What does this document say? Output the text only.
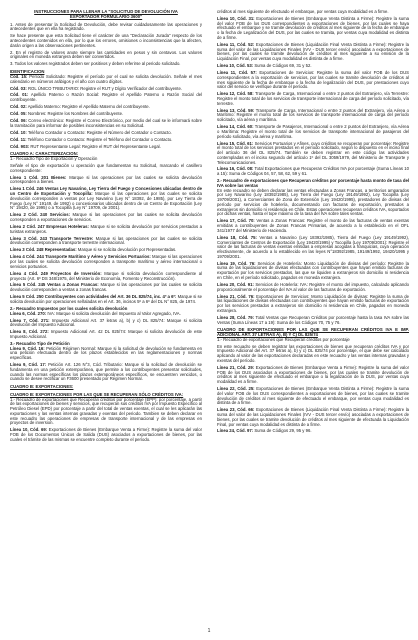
INSTRUCCIONES PARA LLENAR LA "SOLICITUD DE DEVOLUCIÓN IVA
EXPORTADOR FORMULARIO 3600"

1. Antes de presentar la Solicitud de Devolución, debe revisar cuidadosamente las operaciones y antecedentes que en ella ha registrado.

Se hace presente que esta Solicitud tiene el carácter de una "Declaración Jurada" respecto de los antecedentes contenidos en ella, por lo que los errores, omisiones o inconsistencias que la afecten, darán origen a las observaciones pertinentes.

2. En el registro de valores anote siempre las cantidades en pesos y sin centavos. Los valores originales en moneda extranjera deben ser convertidos.

3. Todos los valores registrados deben ser positivos y deben referirse al periodo solicitado.

IDENTIFICACION

Cód. 15: Período Solicitado: Registre el período por el cual se solicita devolución. Señale el mes calendario en números arábigos y el año con cuatro dígitos.

Cód. 03: ROL ÚNICO TRIBUTARIO: Registre el RUT y Dígito Verificador del contribuyente.

Cód. 01: Apellido Paterno o Razón Social: Registre el Apellido Paterno o Razón Social del contribuyente.

Cód. 02: Apellido Materno: Registre el Apellido Materno del contribuyente.

Cód. 05: Nombres: Registre los Nombres del contribuyente.

Cód. 06: Correo electrónico: Registre el Correo Electrónico, por medio del cual se le informará sobre la tramitación para informar de posibles inconsistencias en su Solicitud.

Cód. 10: Teléfono Contador o Contacto: Registre el Número del Contador o Contacto.

Cód. 11: Teléfono Contador o Contacto: Registre el Teléfono del Contador o Contacto.

Cód. 903: RUT Representante Legal: Registre el RUT del Representante Legal.

CUADRO A: CARACTERIZACION:

1.- Recuadro Tipo de Exportación y Operación

Señale el tipo de exportación u operación que fundamentan su Solicitud, marcando el casillero correspondiente:

Línea 1 Cód. 201 Bienes: Marque si las operaciones por las cuales se solicita devolución corresponden a bienes.

Línea 1 Cód. 246 Ventas Ley Navarino, Ley Tierra del Fuego y Concesiones ubicadas dentro de un Centro de Exportación y Tocopilla: Marque si las operaciones por las cuales se solicita devolución corresponden a ventas por Ley Navarino (Ley N° 18392, de 1985), por Ley Tierra de Fuego (Ley N° 19149, de 1992) o concesionarios ubicados dentro de un Centro de Exportación (Ley N° 19420, de 1995) o a Tocopilla (Ley N° 19709, de 2001).

Línea 2 Cód. 240 Servicios: Marque si las operaciones por las cuales se solicita devolución corresponden a exportaciones de servicios.

Línea 2 Cód. 247 Empresas Hoteleras: Marque si se solicita devolución por servicios prestados a turistas extranjeros.

Línea 3 Cód. 243 Transporte Terrestre: Marque si las operaciones por las cuales se solicita devolución corresponden a transporte terrestre internacional.

Línea 3 Cód. 248 Representadas: Marque si se solicita devolución por Representadas.

Línea 4 Cód. 244 Transporte Marítimo y Aéreo y Servicios Portuarios: Marque si las operaciones por las cuales se solicita devolución corresponden a transporte marítimo y aéreo internacional o servicios portuarios.

Línea 4 Cód. 249 Proyectos de Inversión: Marque si solicita devolución correspondiente al proyecto (Art. 6º DS 348/1975, del Ministerio de Economía, Fomento y Reconstrucción).

Línea 5 Cód. 245 Ventas a Zonas Francas: Marque si las operaciones por las cuales se solicita devolución corresponden a ventas a zonas francas.

Línea 5 Cód. 250 Contribuyentes con actividades del Art. 36 DL 825/74, inc. 4º a 6º: Marque si se solicita devolución por operaciones señaladas en el Art. 36, incisos 5º a 6º del DL N° 825, de 1974.

2.- Recuadro Impuestos por los cuales solicita devolución

Línea 6, Cód. 270: IVA: Marque si solicita devolución del Impuesto al Valor Agregado, IVA.

Línea 7, Cód. 271: Impuesto Adicional Art. 37 letras a), b) y c) DL 825/74: Marque si solicita devolución del Impuesto Adicional.

Línea 8, Cód. 272: Impuesto Adicional Art. 42 DL 825/74: Marque si solicita devolución de este Impuesto Adicional.

3.- Recuadro Tipo de Petición

Línea 9, Cód. 16: Petición Régimen Normal: Marque si la solicitud de devolución se fundamenta en una petición efectuada dentro de los plazos establecidos en las reglamentaciones y normas específicas.

Línea 9, Cód. 17: Petición Art. 126 N°3, Cód. Tributario: Marque si la solicitud de devolución se fundamenta en una petición extemporánea, que permite a los contribuyentes presentar solicitudes, cuando las normas específicas los plazos extemporáneos específicos, se encuentren vencidos, o cuando se desee rectificar un F3600 presentado por Régimen Normal.

CUADRO B: EXPORTACIONES:
CUADRO B: EXPORTACIONES POR LAS QUE SE RECUPERAN SÓLO CRÉDITOS IVA:

1.- Recuadro de exportaciones que Recuperan créditos por porcentaje (EPP): por porcentaje, a partir de las exportaciones de bienes y servicios, que recuperan sus créditos IVA por Impuesto Específico al Petróleo Diesel (EPD) por porcentaje a partir del total de ventas exentas, el cual se les aplicarán las exportaciones y las ventas internas gravadas y exentas del periodo. Tambien se deben declarar en este recuadro las operaciones de empresas de transporte internacional y de las empresas en proyectos de inversion.

Línea 10, Cód. 69: Exportaciones de Bienes (Embarque Venta a Firme): Registre la suma del valor FOB de los Documentos Únicos de Salida (DUS) asociados a exportaciones de bienes, por las cuales el trámite de las mismas se encuentre completo durante el período.

créditos al mes siguiente de efectuado el embarque, por ventas cuya modalidad es a firme.

Línea 10, Cód. 31: Exportaciones de Bienes (Embarque Venta Distinta a Firme): Registre la suma del valor FOB de los DUS correspondientes a exportaciones de bienes, por las cuales se haya efectuado el embarque y se tramite devolución de créditos al mes siguiente de la fecha de embarque o la fecha de Legalización del DUS, por las cuales se tramita, por ventas cuya modalidad es distinta de a firme.

Línea 11, Cód. 52: Exportaciones de Bienes (Liquidación Final Venta Distinta a Firme): Registre la suma del valor de las Liquidaciones Finales (IVV - DUS tercer envío) asociadas a exportaciones de bienes, por las cuales se tramite devolución de créditos al mes siguiente a su emisión de la Liquidación Final, por ventas cuya modalidad es distinta de a firme.

Línea 10, Cód. 53: Suma de Códigos 69, 31 y 52.

Línea 11, Cód. 57: Exportaciones de Servicios: Registre la suma del valor FOB de los DUS correspondientes a la exportación de servicios, por las cuales se tramite devolución de créditos al mes siguiente de la fecha de embarque o la fecha de legalización del DUS, por prestaciones cuyo valor del servicio se verifique durante el período.

Línea 12, Cód. 58: Transporte de Carga, Internacional o entre 2 puntos del Extranjero, vía Terrestre: Registre el monto total de los servicios de transporte internacional de carga del período solicitado, vía terrestre.

Línea 13, Cód. 59: Transporte de Carga, Internacional o entre 2 puntos del Extranjero, vía Aérea o Marítimo: Registre el monto total de los servicios de transporte internacional de carga del período solicitado, vía aérea y marítima.

Línea 14, Cód. 60: Transporte de Pasajeros, Internacional o entre 2 puntos del Extranjero, vía Aérea o Marítima: Registre el monto total de los servicios de transporte internacional de pasajeros del período solicitado, vía aérea y marítima.

Línea 15, Cód. 61: Servicios Portuarios y Afines, cuyo créditos se recuperan por porcentaje: Registre el monto total de los servicios prestados en el período solicitado, según lo dispuesto en el inciso final del artículo 36 del DL 825/74. También se deben registrar en este código las actividades contempladas en el inciso segundo del artículo 1º del DL 3059/1979, del Ministerio de Transporte y Telecomunicaciones.

Línea 16, Cód. 08: Total Exportaciones que Recuperan Créditos IVA por porcentaje (Suma Líneas 10 a 15): Suma de Códigos 04, 57, 58, 62, 59 y 61.

2.- Recuadro de exportaciones que Recuperan créditos por porcentaje hasta monto de tasa del IVA sobre las ventas

En este recuadro se deben declarar las ventas efectuadas a Zonas Francas, a territorios amparados por Ley Navarino (Ley 18392/1985), Ley Tierra del Fuego (Ley 19149/1992), Ley Tocopilla (Ley 19709/2001), a Comerciantes de Zona de Extensión (Ley 19420/1995), prestadores de divisas del período por servicios de hotelería, documentando con facturas de exportación, prestados a extranjeros sin domicilio ni residencia en Chile. Estas operaciones recuperan créditos IVA, soportados por dichas ventas, hasta el tope máximo de la tasa del IVA sobre tales ventas.

Línea 17, Cód. 70: Ventas a Zonas Francas: Registre el monto de las facturas de ventas exentas emitidas a contribuyentes de Zonas Francas Primarias, de acuerdo a lo establecido en el OFL 341/1977 del Ministerio de Hacienda.

Línea 18, Cód. 75: Ventas a Navarino (Ley 18392/1985), Tierra del Fuego (Ley 19149/1992), Comerciantes de Centros de Exportación (Ley 19420/1995) y Tocopilla (Ley 19709/2001): Registre el valor de las facturas de ventas exentas emitidas a empresas acogidas a franquicias, cuya operación efectivamente, de acuerdo a lo establecido en las leyes N°18392/1985, 19149/1992, 19420/1995 y 19709/2001.

Línea 19, Cód. 76: Servicios de Hotelería: Monto Liquidación de divisas del período: Registre la suma de las liquidaciones de divisas efectuadas con contribuyentes que hayan emitido facturas de exportación por los servicios prestados, las que se liquiden a extranjeros sin domicilio ni residencia en Chile, en el período solicitado, pagados en moneda extranjera.

Línea 20, Cód. 91: Servicios de Hotelería: IVA: Registre el monto del impuesto, calculado aplicando proporcionalmente el porcentaje del IVA al valor de las facturas de exportación.

Línea 21, Cód. 76: Exportaciones de Servicios: Monto Liquidación de divisas: Registre la suma de las liquidaciones de divisas efectuadas con contribuyentes que hayan emitido facturas de exportación por los servicios prestados a extranjeros sin domicilio ni residencia en Chile, pagados en moneda extranjera.

Línea 28, Cód. 79: Total Ventas que Recuperan Créditos por porcentaje hasta la tasa IVA sobre las Ventas (Suma Líneas 17 a 19): Suma de los Códigos 70, 75 y 76.

CUADRO DE EXPORTACIONES POR LAS QUE SE RECUPERAN CRÉDITOS IVA E IMP. ADICIONAL ART. 37 LETRAS A), B) Y C) DL 825/74

1.- Recuadro de exportaciones que Recuperan créditos por porcentaje

En este recuadro se deben registrar las exportaciones de bienes que recuperan créditos IVA y por Impuesto Adicional del Art. 37 letras a), b) y c) DL 825/74 por porcentaje, el que debe ser calculado aplicando al valor de las exportaciones declaradas en este recuadro y las ventas internas gravadas y exentas del período.

Línea 21, Cód. 29: Exportaciones de Bienes (Embarque Venta a Firme): Registre la suma del valor FOB de los DUS asociados a exportaciones de bienes, por las cuales se tramite devolución de créditos al mes siguiente de efectuado el embarque o la legalización de la DUS, por ventas cuya modalidad es a firme.

Línea 22, Cód. 25: Exportaciones de Bienes (Embarque Venta Distinta a Firme): Registre la suma del valor FOB de los DUS correspondientes a exportaciones de bienes, por las cuales se tramite devolución de créditos al mes siguiente de efectuado el embarque, por ventas cuya modalidad es distinta de a firme.

Línea 23, Cód. 66: Exportaciones de Bienes (Liquidación Final Venta Distinta a Firme): Registre la suma del valor de las Liquidaciones Finales (IVV - DUS tercer envío) asociadas a exportaciones de bienes, por las cuales se tramite devolución de créditos al mes siguiente de efectuada la Liquidación Final, por ventas cuya modalidad es distinta de a firme.

Línea 24, Cód. 97: Suma de Códigos 29, 95 y 96.

1
